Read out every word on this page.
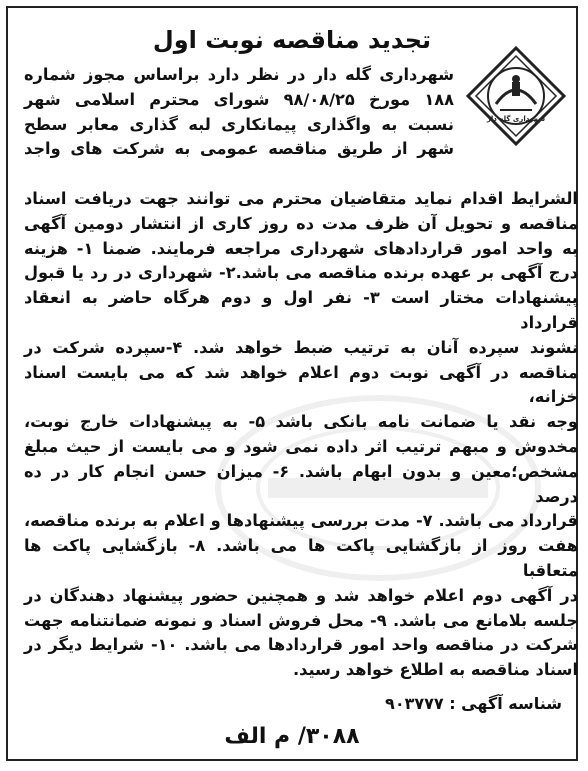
تجدید مناقصه نوبت اول
شهرداری گله دار

شهرداری گله دار در نظر دارد براساس مجوز شماره

۱۸۸ مورخ ۹۸/۰۸/۲۵ شورای محترم اسلامی شهر

نسبت به واگذاری پیمانکاری لبه گذاری معابر سطح

شهر از طریق مناقصه عمومی به شرکت های واجد

الشرایط اقدام نماید متقاضیان محترم می توانند جهت دریافت اسناد

مناقصه و تحویل آن ظرف مدت ده روز کاری از انتشار دومین آگهی

به واحد امور قراردادهای شهرداری مراجعه فرمایند. ضمنا ۱- هزینه

درج آگهی بر عهده برنده مناقصه می باشد.۲- شهرداری در رد یا قبول

پیشنهادات مختار است ۳- نفر اول و دوم هرگاه حاضر به انعقاد قرارداد

نشوند سپرده آنان به ترتیب ضبط خواهد شد. ۴-سپرده شرکت در

مناقصه در آگهی نوبت دوم اعلام خواهد شد که می بایست اسناد خزانه،

وجه نقد یا ضمانت نامه بانکی باشد ۵- به پیشنهادات خارج نوبت،

مخدوش و مبهم ترتیب اثر داده نمی شود و می بایست از حیث مبلغ

مشخص؛معین و بدون ابهام باشد. ۶- میزان حسن انجام کار در ده درصد

قرارداد می باشد. ۷- مدت بررسی پیشنهادها و اعلام به برنده مناقصه،

هفت روز از بازگشایی پاکت ها می باشد. ۸- بازگشایی پاکت ها متعاقبا

در آگهی دوم اعلام خواهد شد و همچنین حضور پیشنهاد دهندگان در

جلسه بلامانع می باشد. ۹- محل فروش اسناد و نمونه ضمانتنامه جهت

شرکت در مناقصه واحد امور قراردادها می باشد. ۱۰- شرایط دیگر در

اسناد مناقصه به اطلاع خواهد رسید.

شناسه آگهی : ۹۰۳۷۷۷
۳۰۸۸/ م الف
